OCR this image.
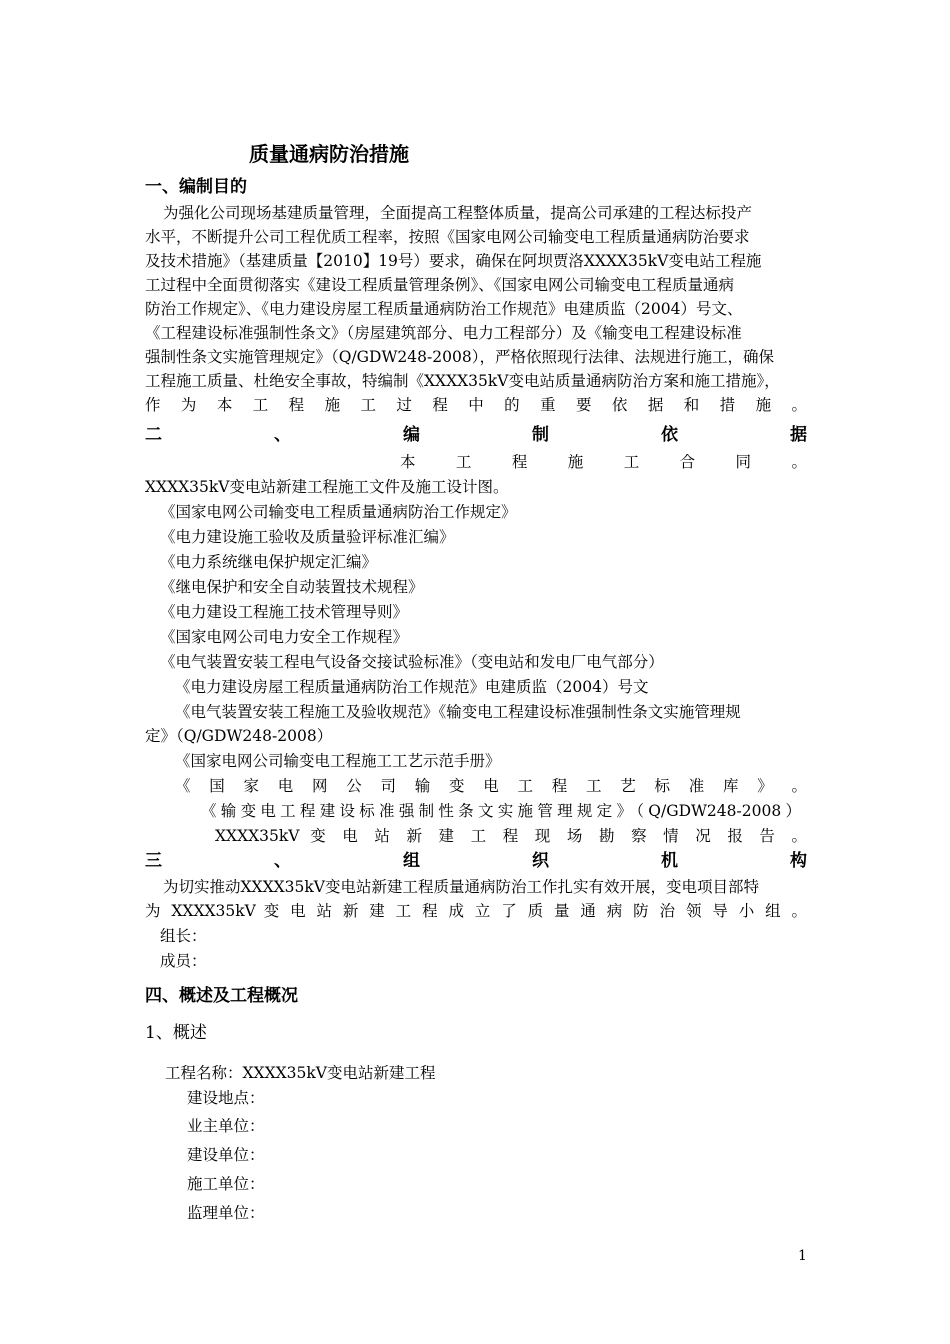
质量通病防治措施
一、编制目的
为强化公司现场基建质量管理，全面提高工程整体质量，提高公司承建的工程达标投产
水平，不断提升公司工程优质工程率，按照《国家电网公司输变电工程质量通病防治要求
及技术措施》（基建质量【2010】19号）要求，确保在阿坝贾洛XXXX35kV变电站工程施
工过程中全面贯彻落实《建设工程质量管理条例》、《国家电网公司输变电工程质量通病
防治工作规定》、《电力建设房屋工程质量通病防治工作规范》电建质监（2004）号文、
《工程建设标准强制性条文》（房屋建筑部分、电力工程部分）及《输变电工程建设标准
强制性条文实施管理规定》（Q/GDW248-2008），严格依照现行法律、法规进行施工，确保
工程施工质量、杜绝安全事故，特编制《XXXX35kV变电站质量通病防治方案和施工措施》，
作 为 本 工 程 施 工 过 程 中 的 重 要 依 据 和 措 施 。
二 、 编 制 依 据
本 工 程 施 工 合 同 。
XXXX35kV变电站新建工程施工文件及施工设计图。
《国家电网公司输变电工程质量通病防治工作规定》
《电力建设施工验收及质量验评标准汇编》
《电力系统继电保护规定汇编》
《继电保护和安全自动装置技术规程》
《电力建设工程施工技术管理导则》
《国家电网公司电力安全工作规程》
《电气装置安装工程电气设备交接试验标准》（变电站和发电厂电气部分）
《电力建设房屋工程质量通病防治工作规范》电建质监（2004）号文
《电气装置安装工程施工及验收规范》《输变电工程建设标准强制性条文实施管理规
定》（Q/GDW248-2008）
《国家电网公司输变电工程施工工艺示范手册》
《 国 家 电 网 公 司 输 变 电 工 程 工 艺 标 准 库 》 。
《输变电工程建设标准强制性条文实施管理规定》（Q/GDW248-2008）
XXXX35kV 变 电 站 新 建 工 程 现 场 勘 察 情 况 报 告 。
三 、 组 织 机 构
为切实推动XXXX35kV变电站新建工程质量通病防治工作扎实有效开展，变电项目部特
为 XXXX35kV 变 电 站 新 建 工 程 成 立 了 质 量 通 病 防 治 领 导 小 组 。
组长：
成员：
四、概述及工程概况
1、概述
工程名称：XXXX35kV变电站新建工程
建设地点：
业主单位：
建设单位：
施工单位：
监理单位：
1
